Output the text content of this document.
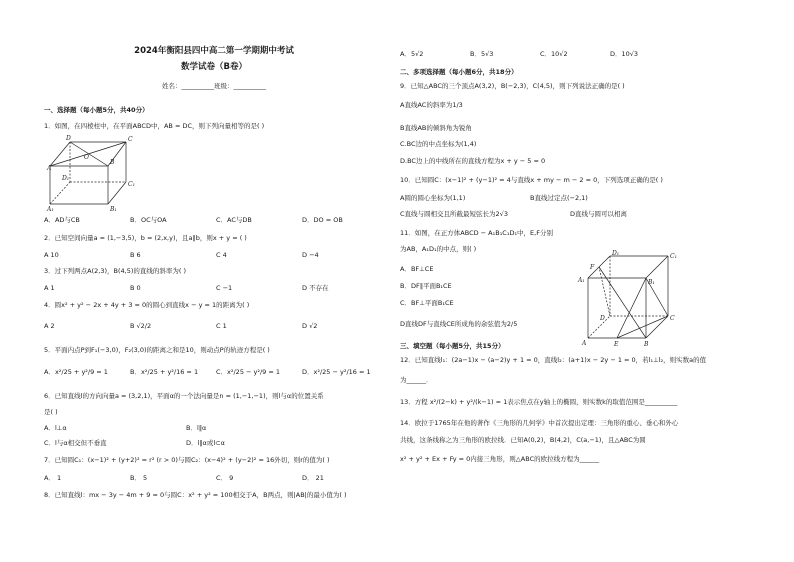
2024年衡阳县四中高二第一学期期中考试
数学试卷（B卷）
姓名：__________班级：__________
一、选择题（每小题5分，共40分）
1．如图，在四棱柱中，在平面ABCD中，AB = DC，则下列向量相等的是( )
D	C
A
B
O
D₁
C₁
A₁	B₁
A．AD与CB	B．OC与OA	C．AC与DB	D．DO = OB
2．已知空间向量a = (1,−3,5)，b = (2,x,y)，且a∥b，则x + y = ( )
A 10	B 6	C 4	D −4
3．过下列两点A(2,3)，B(4,5)的直线的斜率为( )
A 1	B 0	C −1	D 不存在
4．圆x² + y² − 2x + 4y + 3 = 0的圆心到直线x − y = 1的距离为( )
A 2	B √2/2	C 1	D √2
5．平面内点P到F₁(−3,0)，F₂(3,0)的距离之和是10，则动点P的轨迹方程是( )
A．x²/25 + y²/9 = 1	B．x²/25 + y²/16 = 1	C．x²/25 − y²/9 = 1	D．x²/25 − y²/16 = 1
6．已知直线l的方向向量a = (3,2,1)，平面α的一个法向量是n = (1,−1,−1)，则l与α的位置关系
是( )
A．l⊥α	B．l∥α
C．l与α相交但不垂直	D．l∥α或l⊂α
7．已知圆C₁：(x−1)² + (y+2)² = r² (r > 0)与圆C₂：(x−4)² + (y−2)² = 16外切，则r的值为( )
A． 1	B． 5	C． 9	D． 21
8．已知直线l：mx − 3y − 4m + 9 = 0与圆C：x² + y² = 100相交于A，B两点，则|AB|的最小值为( )
A．5√2	B．5√3	C．10√2	D．10√3
二、多项选择题（每小题6分，共18分）
9．已知△ABC的三个顶点A(3,2)，B(−2,3)，C(4,5)，则下列说法正确的是( )
A直线AC的斜率为1/3
B直线AB的倾斜角为锐角
C.BC边的中点坐标为(1,4)
D.BC边上的中线所在的直线方程为x + y − 5 = 0
10．已知圆C：(x−1)² + (y−1)² = 4与直线x + my − m − 2 = 0，下列选项正确的是( )
A圆的圆心坐标为(1,1)	B直线过定点(−2,1)
C直线与圆相交且所截最短弦长为2√3	D直线与圆可以相离
11．如图，在正方体ABCD − A₁B₁C₁D₁中，E,F分别
为AB，A₁D₁的中点，则( )
A．BF⊥CE
B．DF∥平面B₁CE
C．BF⊥平面B₁CE
D直线DF与直线CE所成角的余弦值为2/5
D₁	C₁
F
A₁	B₁
D	C
A	E	B
三、填空题（每小题5分，共15分）
12．已知直线l₁：(2a−1)x − (a−2)y + 1 = 0，直线l₂：(a+1)x − 2y − 1 = 0，若l₁⊥l₂，则实数a的值
为______．
13．方程 x²/(2−k) + y²/(k−1) = 1表示焦点在y轴上的椭圆，则实数k的取值范围是__________
14．欧拉于1765年在他的著作《三角形的几何学》中首次提出定理：三角形的重心、垂心和外心
共线，这条线称之为三角形的欧拉线．已知A(0,2)，B(4,2)，C(a,−1)，且△ABC为圆
x² + y² + Ex + Fy = 0内接三角形，则△ABC的欧拉线方程为______
